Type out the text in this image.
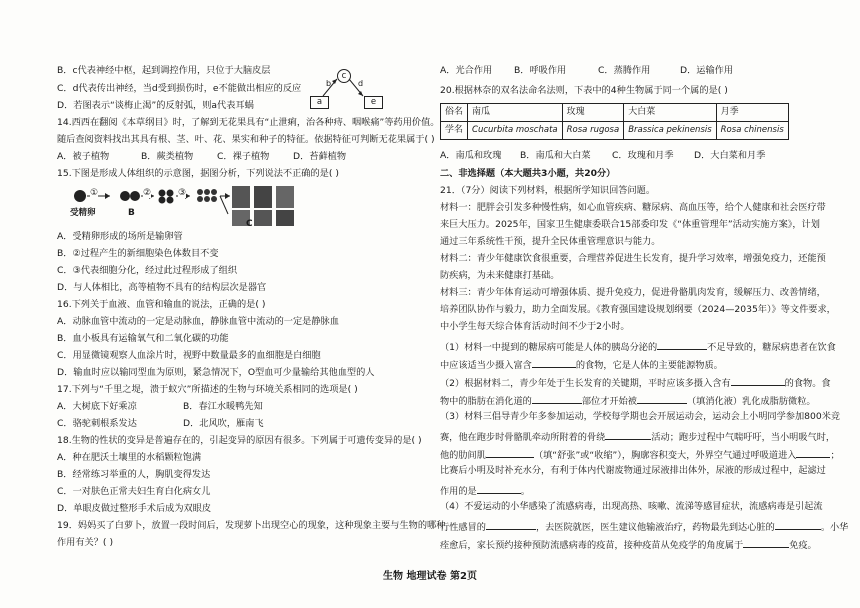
B．c代表神经中枢，起到调控作用，只位于大脑皮层
C．d代表传出神经，当d受到损伤时，e不能做出相应的反应
D．若图表示“谈梅止渴”的反射弧，则a代表耳蜗
c
b	d
a	e
14.西西在翻阅《本草纲目》时，了解到无花果具有“止泄痢，治各种痔、咽喉痛”等药用价值。
随后查阅资料找出其具有根、茎、叶、花、果实和种子的特征。依据特征可判断无花果属于( )
A．被子植物	B．蕨类植物	C．裸子植物	D．苔藓植物
15.下图是形成人体组织的示意图，据图分析，下列说法不正确的是( )
①	②	③
受精卵	B
C
A．受精卵形成的场所是输卵管
B．②过程产生的新细胞染色体数目不变
C．③代表细胞分化，经过此过程形成了组织
D．与人体相比，高等植物不具有的结构层次是器官
16.下列关于血液、血管和输血的说法，正确的是( )
A．动脉血管中流动的一定是动脉血，静脉血管中流动的一定是静脉血
B．血小板具有运输氧气和二氧化碳的功能
C．用显微镜观察人血涂片时，视野中数量最多的血细胞是白细胞
D．输血时应以输同型血为原则，紧急情况下，O型血可少量输给其他血型的人
17.下列与“千里之堤，溃于蚁穴”所描述的生物与环境关系相同的选项是( )
A．大树底下好乘凉	B．春江水暖鸭先知
C．骆驼刺根系发达	D．北风吹，雁南飞
18.生物的性状的变异是普遍存在的，引起变异的原因有很多。下列属于可遗传变异的是( )
A．种在肥沃土壤里的水稻颗粒饱满
B．经常练习举重的人，胸肌变得发达
C．一对肤色正常夫妇生育白化病女儿
D．单眼皮做过整形手术后成为双眼皮
19．妈妈买了白萝卜，放置一段时间后，发现萝卜出现空心的现象，这种现象主要与生物的哪种
作用有关？( )
A．光合作用 B．呼吸作用	C．蒸腾作用	D．运输作用
20.根据林奈的双名法命名法则，下表中的4种生物属于同一个属的是( )
俗名	南瓜	玫瑰	大白菜	月季
学名	Cucurbita moschata	Rosa rugosa	Brassica pekinensis	Rosa chinensis
A．南瓜和玫瑰 B．南瓜和大白菜 C．玫瑰和月季 D．大白菜和月季
二、非选择题（本大题共3小题，共20分）
21．（7分）阅读下列材料，根据所学知识回答问题。
材料一：肥胖会引发多种慢性病，如心血管疾病、糖尿病、高血压等，给个人健康和社会医疗带
来巨大压力。2025年，国家卫生健康委联合15部委印发《“体重管理年”活动实施方案》，计划
通过三年系统性干预，提升全民体重管理意识与能力。
材料二：青少年健康饮食很重要，合理营养促进生长发育，提升学习效率，增强免疫力，还能预
防疾病，为未来健康打基础。
材料三：青少年体育运动可增强体质、提升免疫力，促进骨骼肌肉发育，缓解压力、改善情绪，
培养团队协作与毅力，助力全面发展。《教育强国建设规划纲要（2024—2035年）》等文件要求，
中小学生每天综合体育活动时间不少于2小时。
（1）材料一中提到的糖尿病可能是人体的胰岛分泌的	不足导致的，糖尿病患者在饮食
中应该适当少摄入富含	的食物，它是人体的主要能源物质。
（2）根据材料二，青少年处于生长发育的关键期，平时应该多摄入含有	的食物。食
物中的脂肪在消化道的	部位才开始被	（填消化液）乳化成脂肪微粒。
（3）材料三倡导青少年多参加运动，学校每学期也会开展运动会，运动会上小明同学参加800米竞
赛，他在跑步时骨骼肌牵动所附着的骨绕	活动；跑步过程中气喘吁吁，当小明吸气时，
他的肋间肌	（填“舒张”或“收缩”），胸廓容积变大，外界空气通过呼吸道进入	；
比赛后小明及时补充水分，有利于体内代谢废物通过尿液排出体外，尿液的形成过程中，起滤过
作用的是	。
（4）不爱运动的小华感染了流感病毒，出现高热、咳嗽、流涕等感冒症状，流感病毒是引起流
行性感冒的	，去医院就医，医生建议他输液治疗，药物最先到达心脏的	。小华
痊愈后，家长预约接种预防流感病毒的疫苗，接种疫苗从免疫学的角度属于	免疫。
生物 地理试卷 第2页
